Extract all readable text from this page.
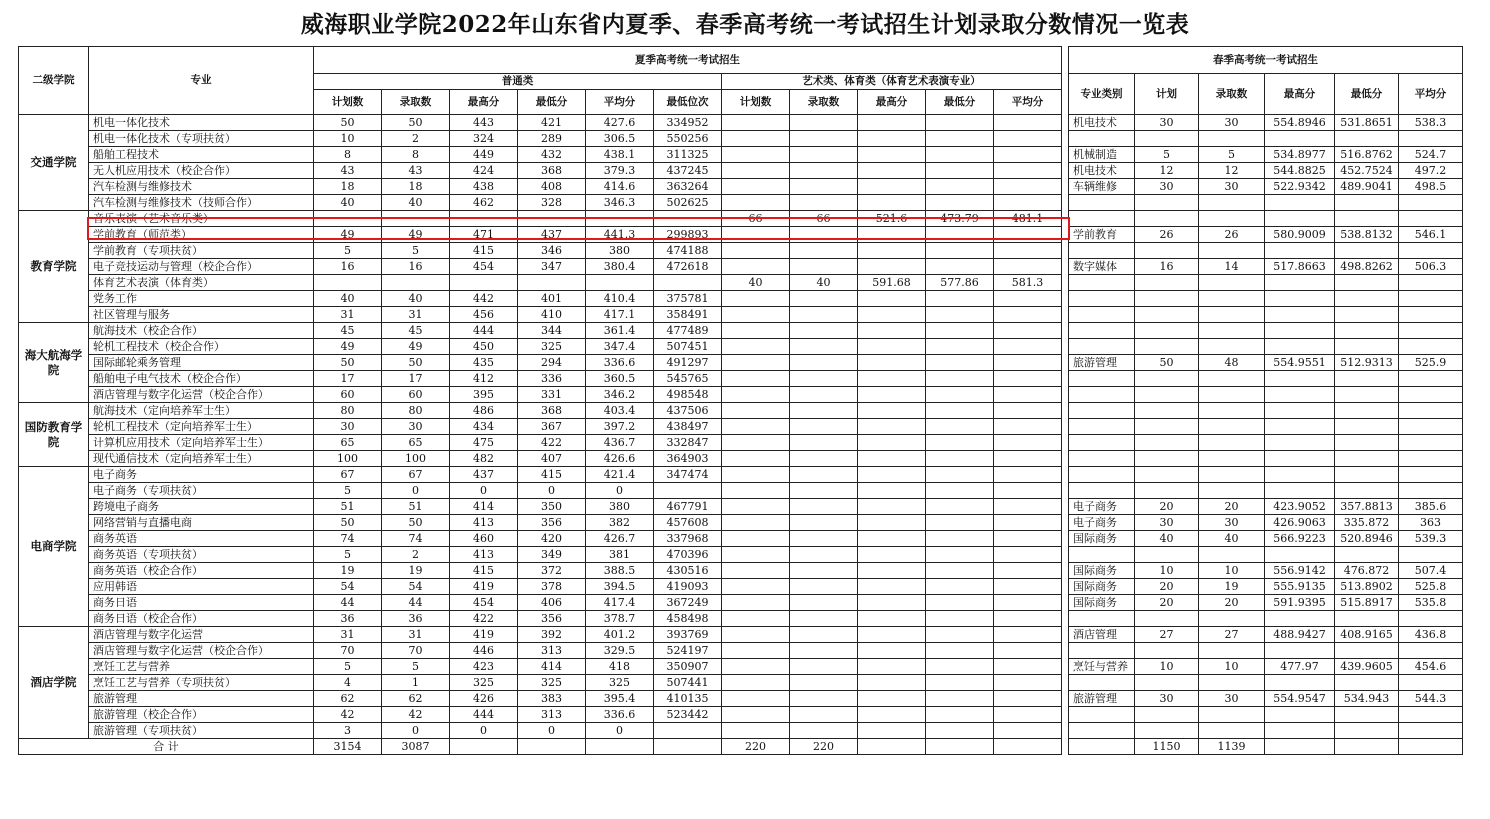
威海职业学院2022年山东省内夏季、春季高考统一考试招生计划录取分数情况一览表
二级学院	专业	夏季高考统一考试招生												春季高考统一考试招生					
		普通类						艺术类、体育类（体育艺术表演专业）						专业类别	计划	录取数	最高分	最低分	平均分
		计划数	录取数	最高分	最低分	平均分	最低位次	计划数	录取数	最高分	最低分	平均分							
交通学院	机电一体化技术	50	50	443	421	427.6	334952							机电技术	30	30	554.8946	531.8651	538.3
	机电一体化技术（专项扶贫）	10	2	324	289	306.5	550256												
	船舶工程技术	8	8	449	432	438.1	311325							机械制造	5	5	534.8977	516.8762	524.7
	无人机应用技术（校企合作）	43	43	424	368	379.3	437245							机电技术	12	12	544.8825	452.7524	497.2
	汽车检测与维修技术	18	18	438	408	414.6	363264							车辆维修	30	30	522.9342	489.9041	498.5
	汽车检测与维修技术（技师合作）	40	40	462	328	346.3	502625												
教育学院	音乐表演（艺术音乐类）							66	66	521.6	473.79	481.1							
	学前教育（师范类）	49	49	471	437	441.3	299893							学前教育	26	26	580.9009	538.8132	546.1
	学前教育（专项扶贫）	5	5	415	346	380	474188												
	电子竞技运动与管理（校企合作）	16	16	454	347	380.4	472618							数字媒体	16	14	517.8663	498.8262	506.3
	体育艺术表演（体育类）							40	40	591.68	577.86	581.3							
	党务工作	40	40	442	401	410.4	375781												
	社区管理与服务	31	31	456	410	417.1	358491												
海大航海学院	航海技术（校企合作）	45	45	444	344	361.4	477489												
	轮机工程技术（校企合作）	49	49	450	325	347.4	507451												
	国际邮轮乘务管理	50	50	435	294	336.6	491297							旅游管理	50	48	554.9551	512.9313	525.9
	船舶电子电气技术（校企合作）	17	17	412	336	360.5	545765												
	酒店管理与数字化运营（校企合作）	60	60	395	331	346.2	498548												
国防教育学院	航海技术（定向培养军士生）	80	80	486	368	403.4	437506												
	轮机工程技术（定向培养军士生）	30	30	434	367	397.2	438497												
	计算机应用技术（定向培养军士生）	65	65	475	422	436.7	332847												
	现代通信技术（定向培养军士生）	100	100	482	407	426.6	364903												
电商学院	电子商务	67	67	437	415	421.4	347474												
	电子商务（专项扶贫）	5	0	0	0	0													
	跨境电子商务	51	51	414	350	380	467791							电子商务	20	20	423.9052	357.8813	385.6
	网络营销与直播电商	50	50	413	356	382	457608							电子商务	30	30	426.9063	335.872	363
	商务英语	74	74	460	420	426.7	337968							国际商务	40	40	566.9223	520.8946	539.3
	商务英语（专项扶贫）	5	2	413	349	381	470396												
	商务英语（校企合作）	19	19	415	372	388.5	430516							国际商务	10	10	556.9142	476.872	507.4
	应用韩语	54	54	419	378	394.5	419093							国际商务	20	19	555.9135	513.8902	525.8
	商务日语	44	44	454	406	417.4	367249							国际商务	20	20	591.9395	515.8917	535.8
	商务日语（校企合作）	36	36	422	356	378.7	458498												
酒店学院	酒店管理与数字化运营	31	31	419	392	401.2	393769							酒店管理	27	27	488.9427	408.9165	436.8
	酒店管理与数字化运营（校企合作）	70	70	446	313	329.5	524197												
	烹饪工艺与营养	5	5	423	414	418	350907							烹饪与营养	10	10	477.97	439.9605	454.6
	烹饪工艺与营养（专项扶贫）	4	1	325	325	325	507441												
	旅游管理	62	62	426	383	395.4	410135							旅游管理	30	30	554.9547	534.943	544.3
	旅游管理（校企合作）	42	42	444	313	336.6	523442												
	旅游管理（专项扶贫）	3	0	0	0	0													
合 计		3154	3087					220	220						1150	1139			
